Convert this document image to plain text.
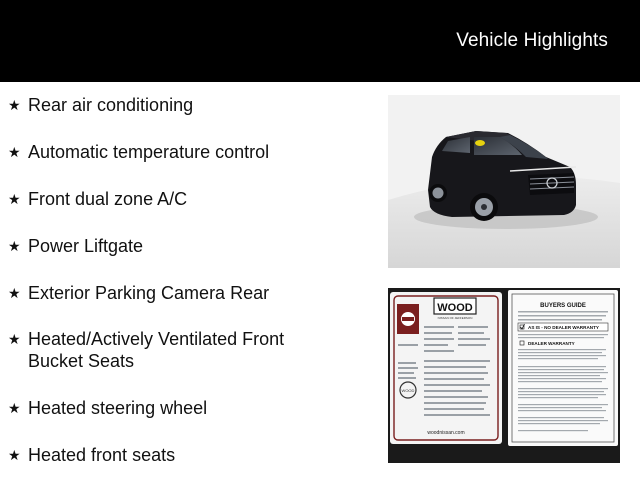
Vehicle Highlights
★ Rear air conditioning
★ Automatic temperature control
★ Front dual zone A/C
★ Power Liftgate
★ Exterior Parking Camera Rear
★ Heated/Actively Ventilated Front Bucket Seats
★ Heated steering wheel
★ Heated front seats
WOOD
NISSAN OF JEFFERSON
WOOD
woodnissan.com
BUYERS GUIDE
AS IS - NO DEALER WARRANTY
DEALER WARRANTY
